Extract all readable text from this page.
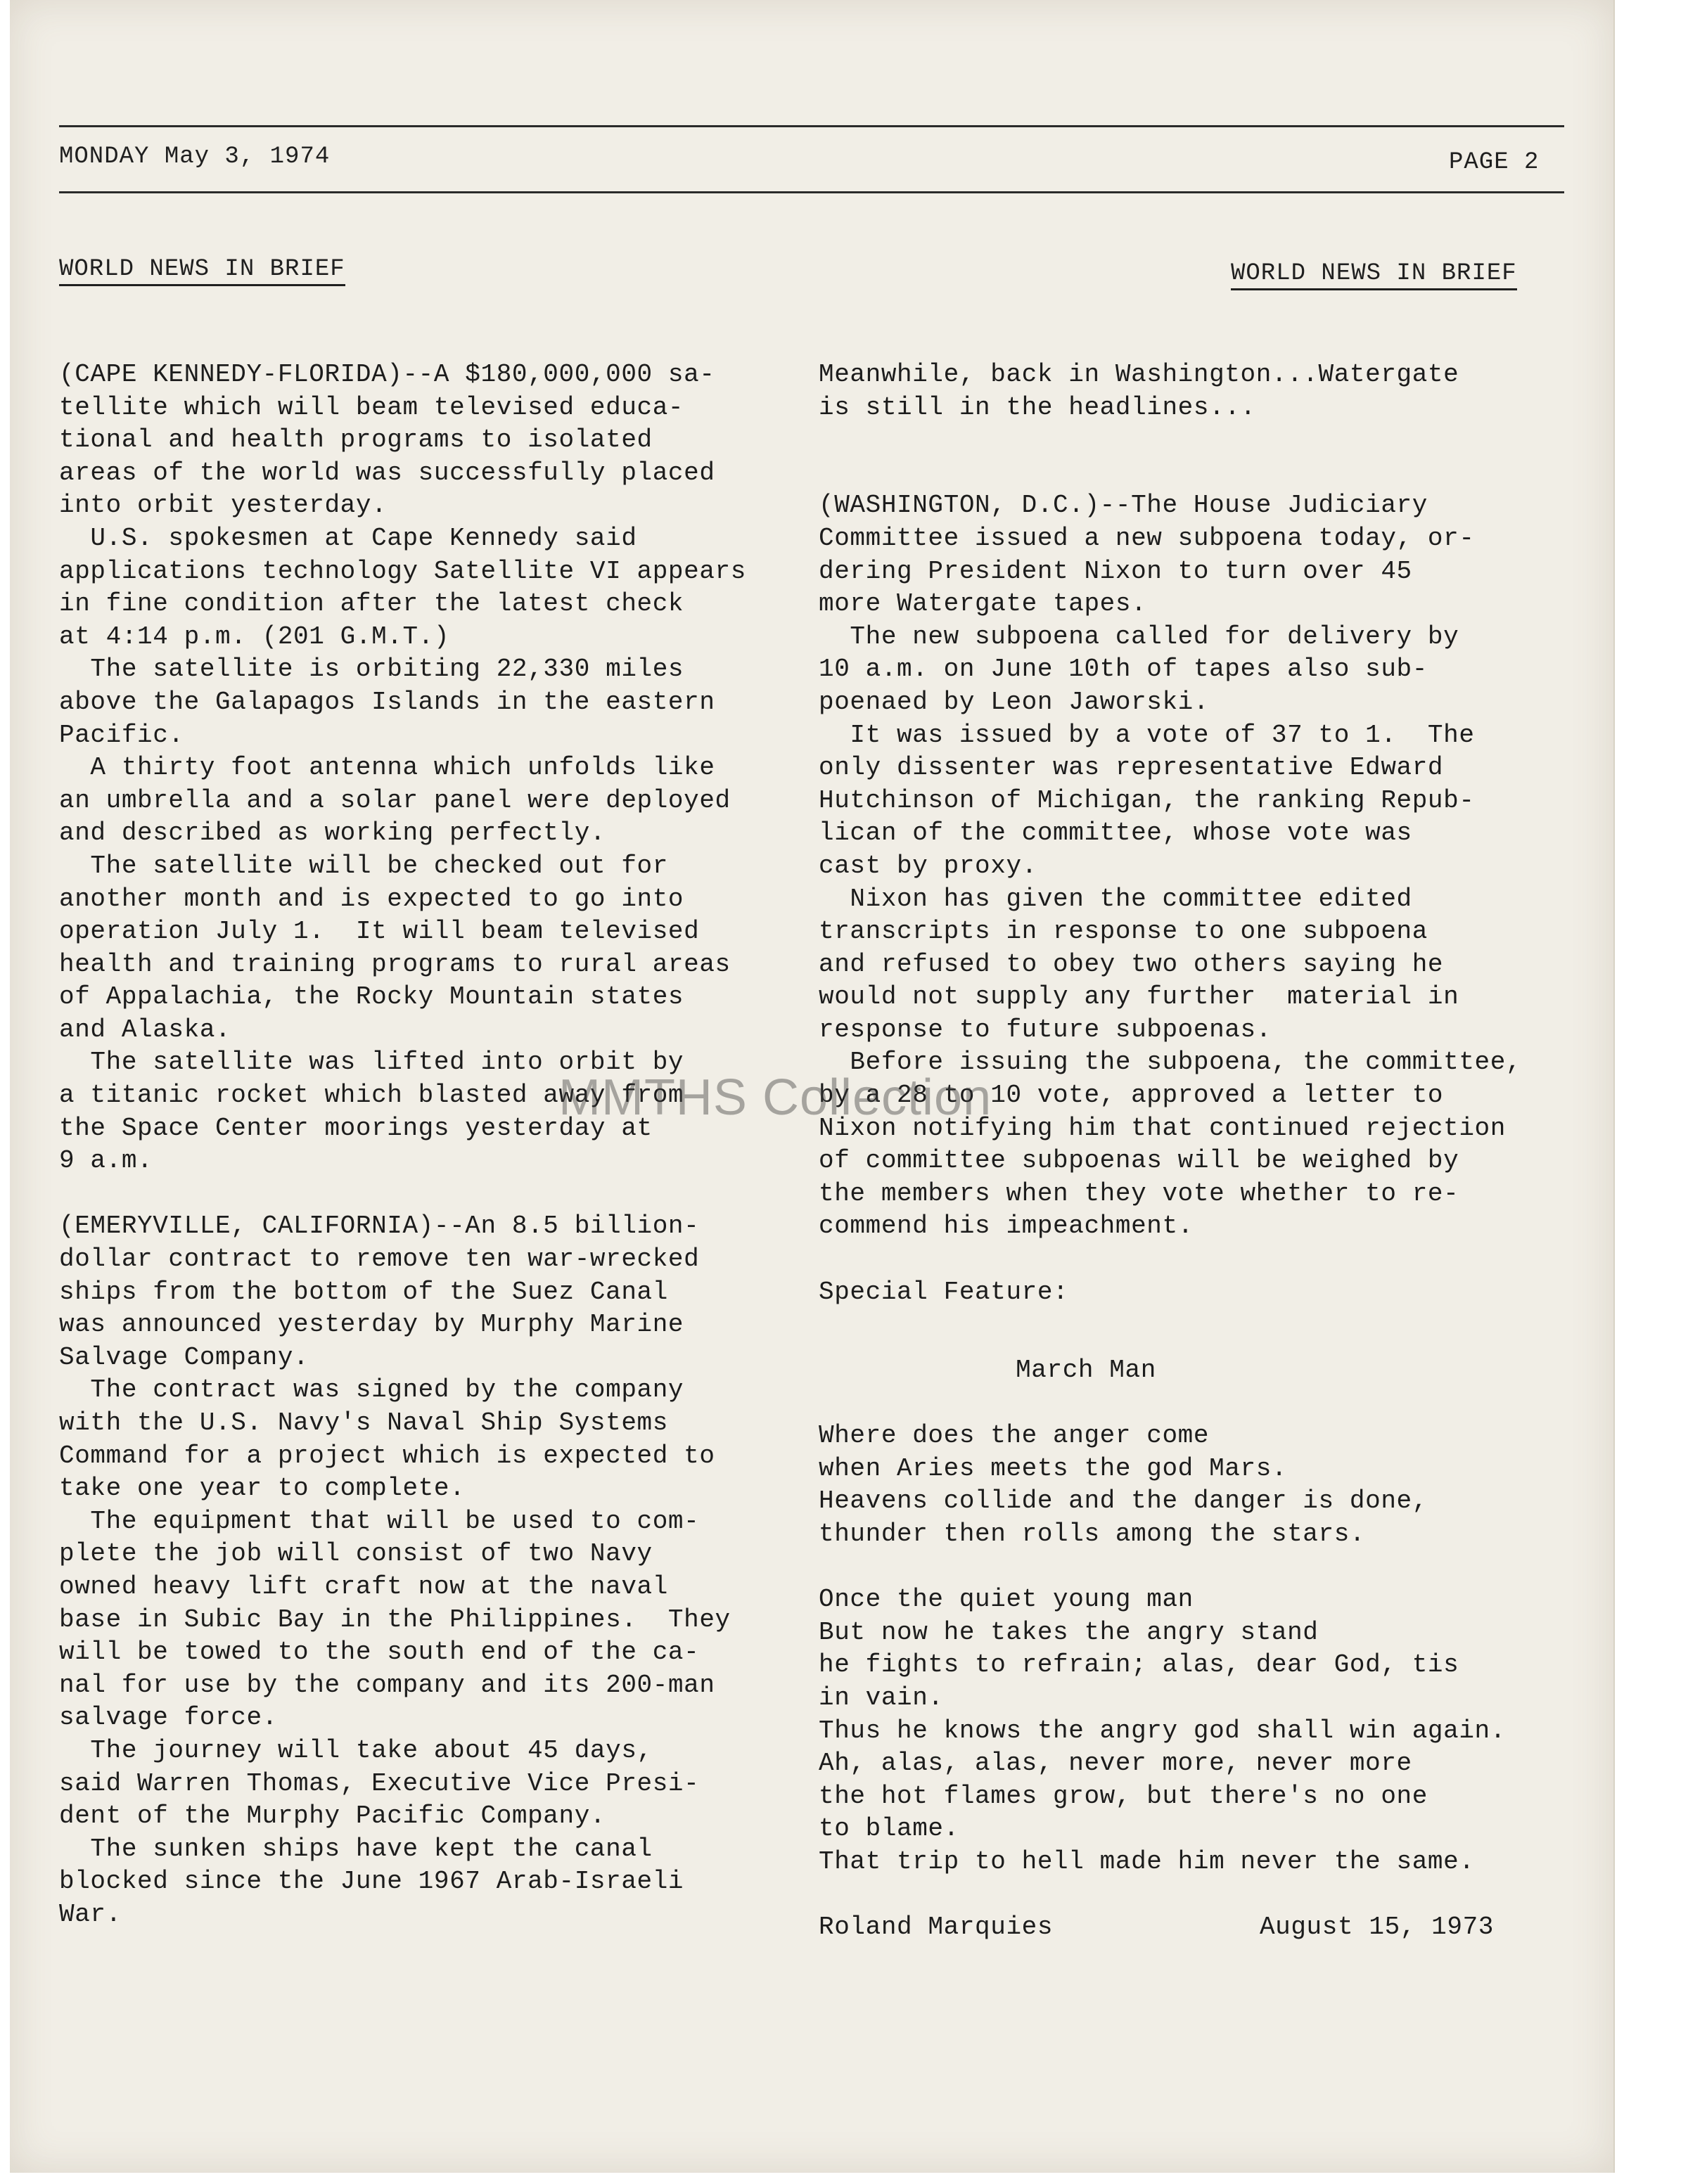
MONDAY May 3, 1974	PAGE 2
WORLD NEWS IN BRIEF	WORLD NEWS IN BRIEF
(CAPE KENNEDY-FLORIDA)--A $180,000,000 sa-
tellite which will beam televised educa-
tional and health programs to isolated
areas of the world was successfully placed
into orbit yesterday.
U.S. spokesmen at Cape Kennedy said
applications technology Satellite VI appears
in fine condition after the latest check
at 4:14 p.m. (201 G.M.T.)
The satellite is orbiting 22,330 miles
above the Galapagos Islands in the eastern
Pacific.
A thirty foot antenna which unfolds like
an umbrella and a solar panel were deployed
and described as working perfectly.
The satellite will be checked out for
another month and is expected to go into
operation July 1.  It will beam televised
health and training programs to rural areas
of Appalachia, the Rocky Mountain states
and Alaska.
The satellite was lifted into orbit by
a titanic rocket which blasted away from
the Space Center moorings yesterday at
9 a.m.
(EMERYVILLE, CALIFORNIA)--An 8.5 billion-
dollar contract to remove ten war-wrecked
ships from the bottom of the Suez Canal
was announced yesterday by Murphy Marine
Salvage Company.
The contract was signed by the company
with the U.S. Navy's Naval Ship Systems
Command for a project which is expected to
take one year to complete.
The equipment that will be used to com-
plete the job will consist of two Navy
owned heavy lift craft now at the naval
base in Subic Bay in the Philippines.  They
will be towed to the south end of the ca-
nal for use by the company and its 200-man
salvage force.
The journey will take about 45 days,
said Warren Thomas, Executive Vice Presi-
dent of the Murphy Pacific Company.
The sunken ships have kept the canal
blocked since the June 1967 Arab-Israeli
War.
Meanwhile, back in Washington...Watergate
is still in the headlines...
(WASHINGTON, D.C.)--The House Judiciary
Committee issued a new subpoena today, or-
dering President Nixon to turn over 45
more Watergate tapes.
The new subpoena called for delivery by
10 a.m. on June 10th of tapes also sub-
poenaed by Leon Jaworski.
It was issued by a vote of 37 to 1.  The
only dissenter was representative Edward
Hutchinson of Michigan, the ranking Repub-
lican of the committee, whose vote was
cast by proxy.
Nixon has given the committee edited
transcripts in response to one subpoena
and refused to obey two others saying he
would not supply any further  material in
response to future subpoenas.
Before issuing the subpoena, the committee,
by a 28 to 10 vote, approved a letter to
Nixon notifying him that continued rejection
of committee subpoenas will be weighed by
the members when they vote whether to re-
commend his impeachment.
Special Feature:
March Man
Where does the anger come
when Aries meets the god Mars.
Heavens collide and the danger is done,
thunder then rolls among the stars.
Once the quiet young man
But now he takes the angry stand
he fights to refrain; alas, dear God, tis
in vain.
Thus he knows the angry god shall win again.
Ah, alas, alas, never more, never more
the hot flames grow, but there's no one
to blame.
That trip to hell made him never the same.
Roland Marquies	August 15, 1973
MMTHS Collection
